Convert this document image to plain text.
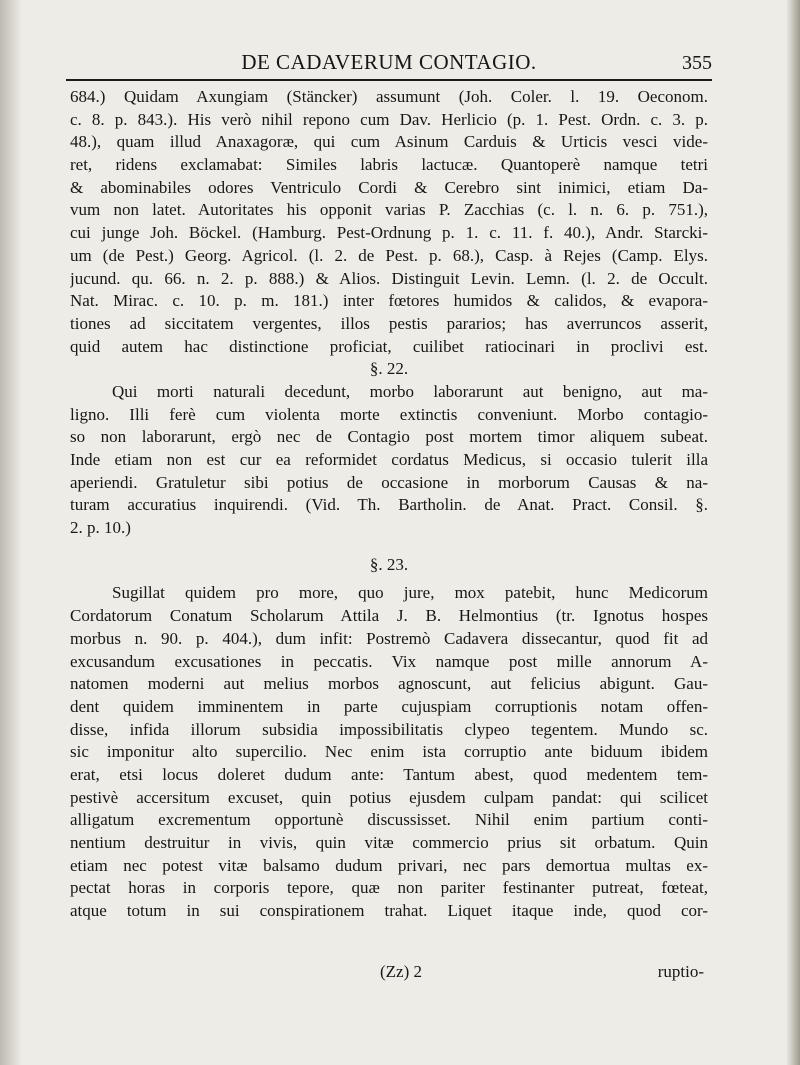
DE CADAVERUM CONTAGIO.	355
684.) Quidam Axungiam (Stäncker) assumunt (Joh. Coler. l. 19. Oeconom.
c. 8. p. 843.). His verò nihil repono cum Dav. Herlicio (p. 1. Pest. Ordn. c. 3. p.
48.), quam illud Anaxagoræ, qui cum Asinum Carduis & Urticis vesci vide-
ret, ridens exclamabat: Similes labris lactucæ. Quantoperè namque tetri
& abominabiles odores Ventriculo Cordi & Cerebro sint inimici, etiam Da-
vum non latet. Autoritates his opponit varias P. Zacchias (c. l. n. 6. p. 751.),
cui junge Joh. Böckel. (Hamburg. Pest-Ordnung p. 1. c. 11. f. 40.), Andr. Starcki-
um (de Pest.) Georg. Agricol. (l. 2. de Pest. p. 68.), Casp. à Rejes (Camp. Elys.
jucund. qu. 66. n. 2. p. 888.) & Alios. Distinguit Levin. Lemn. (l. 2. de Occult.
Nat. Mirac. c. 10. p. m. 181.) inter fœtores humidos & calidos, & evapora-
tiones ad siccitatem vergentes, illos pestis pararios; has averruncos asserit,
quid autem hac distinctione proficiat, cuilibet ratiocinari in proclivi est.
§. 22.
Qui morti naturali decedunt, morbo laborarunt aut benigno, aut ma-
ligno. Illi ferè cum violenta morte extinctis conveniunt. Morbo contagio-
so non laborarunt, ergò nec de Contagio post mortem timor aliquem subeat.
Inde etiam non est cur ea reformidet cordatus Medicus, si occasio tulerit illa
aperiendi. Gratuletur sibi potius de occasione in morborum Causas & na-
turam accuratius inquirendi. (Vid. Th. Bartholin. de Anat. Pract. Consil. §.
2. p. 10.)
§. 23.
Sugillat quidem pro more, quo jure, mox patebit, hunc Medicorum
Cordatorum Conatum Scholarum Attila J. B. Helmontius (tr. Ignotus hospes
morbus n. 90. p. 404.), dum infit: Postremò Cadavera dissecantur, quod fit ad
excusandum excusationes in peccatis. Vix namque post mille annorum A-
natomen moderni aut melius morbos agnoscunt, aut felicius abigunt. Gau-
dent quidem imminentem in parte cujuspiam corruptionis notam offen-
disse, infida illorum subsidia impossibilitatis clypeo tegentem. Mundo sc.
sic imponitur alto supercilio. Nec enim ista corruptio ante biduum ibidem
erat, etsi locus doleret dudum ante: Tantum abest, quod medentem tem-
pestivè accersitum excuset, quin potius ejusdem culpam pandat: qui scilicet
alligatum excrementum opportunè discussisset. Nihil enim partium conti-
nentium destruitur in vivis, quin vitæ commercio prius sit orbatum. Quin
etiam nec potest vitæ balsamo dudum privari, nec pars demortua multas ex-
pectat horas in corporis tepore, quæ non pariter festinanter putreat, fœteat,
atque totum in sui conspirationem trahat. Liquet itaque inde, quod cor-
(Zz) 2	ruptio-
